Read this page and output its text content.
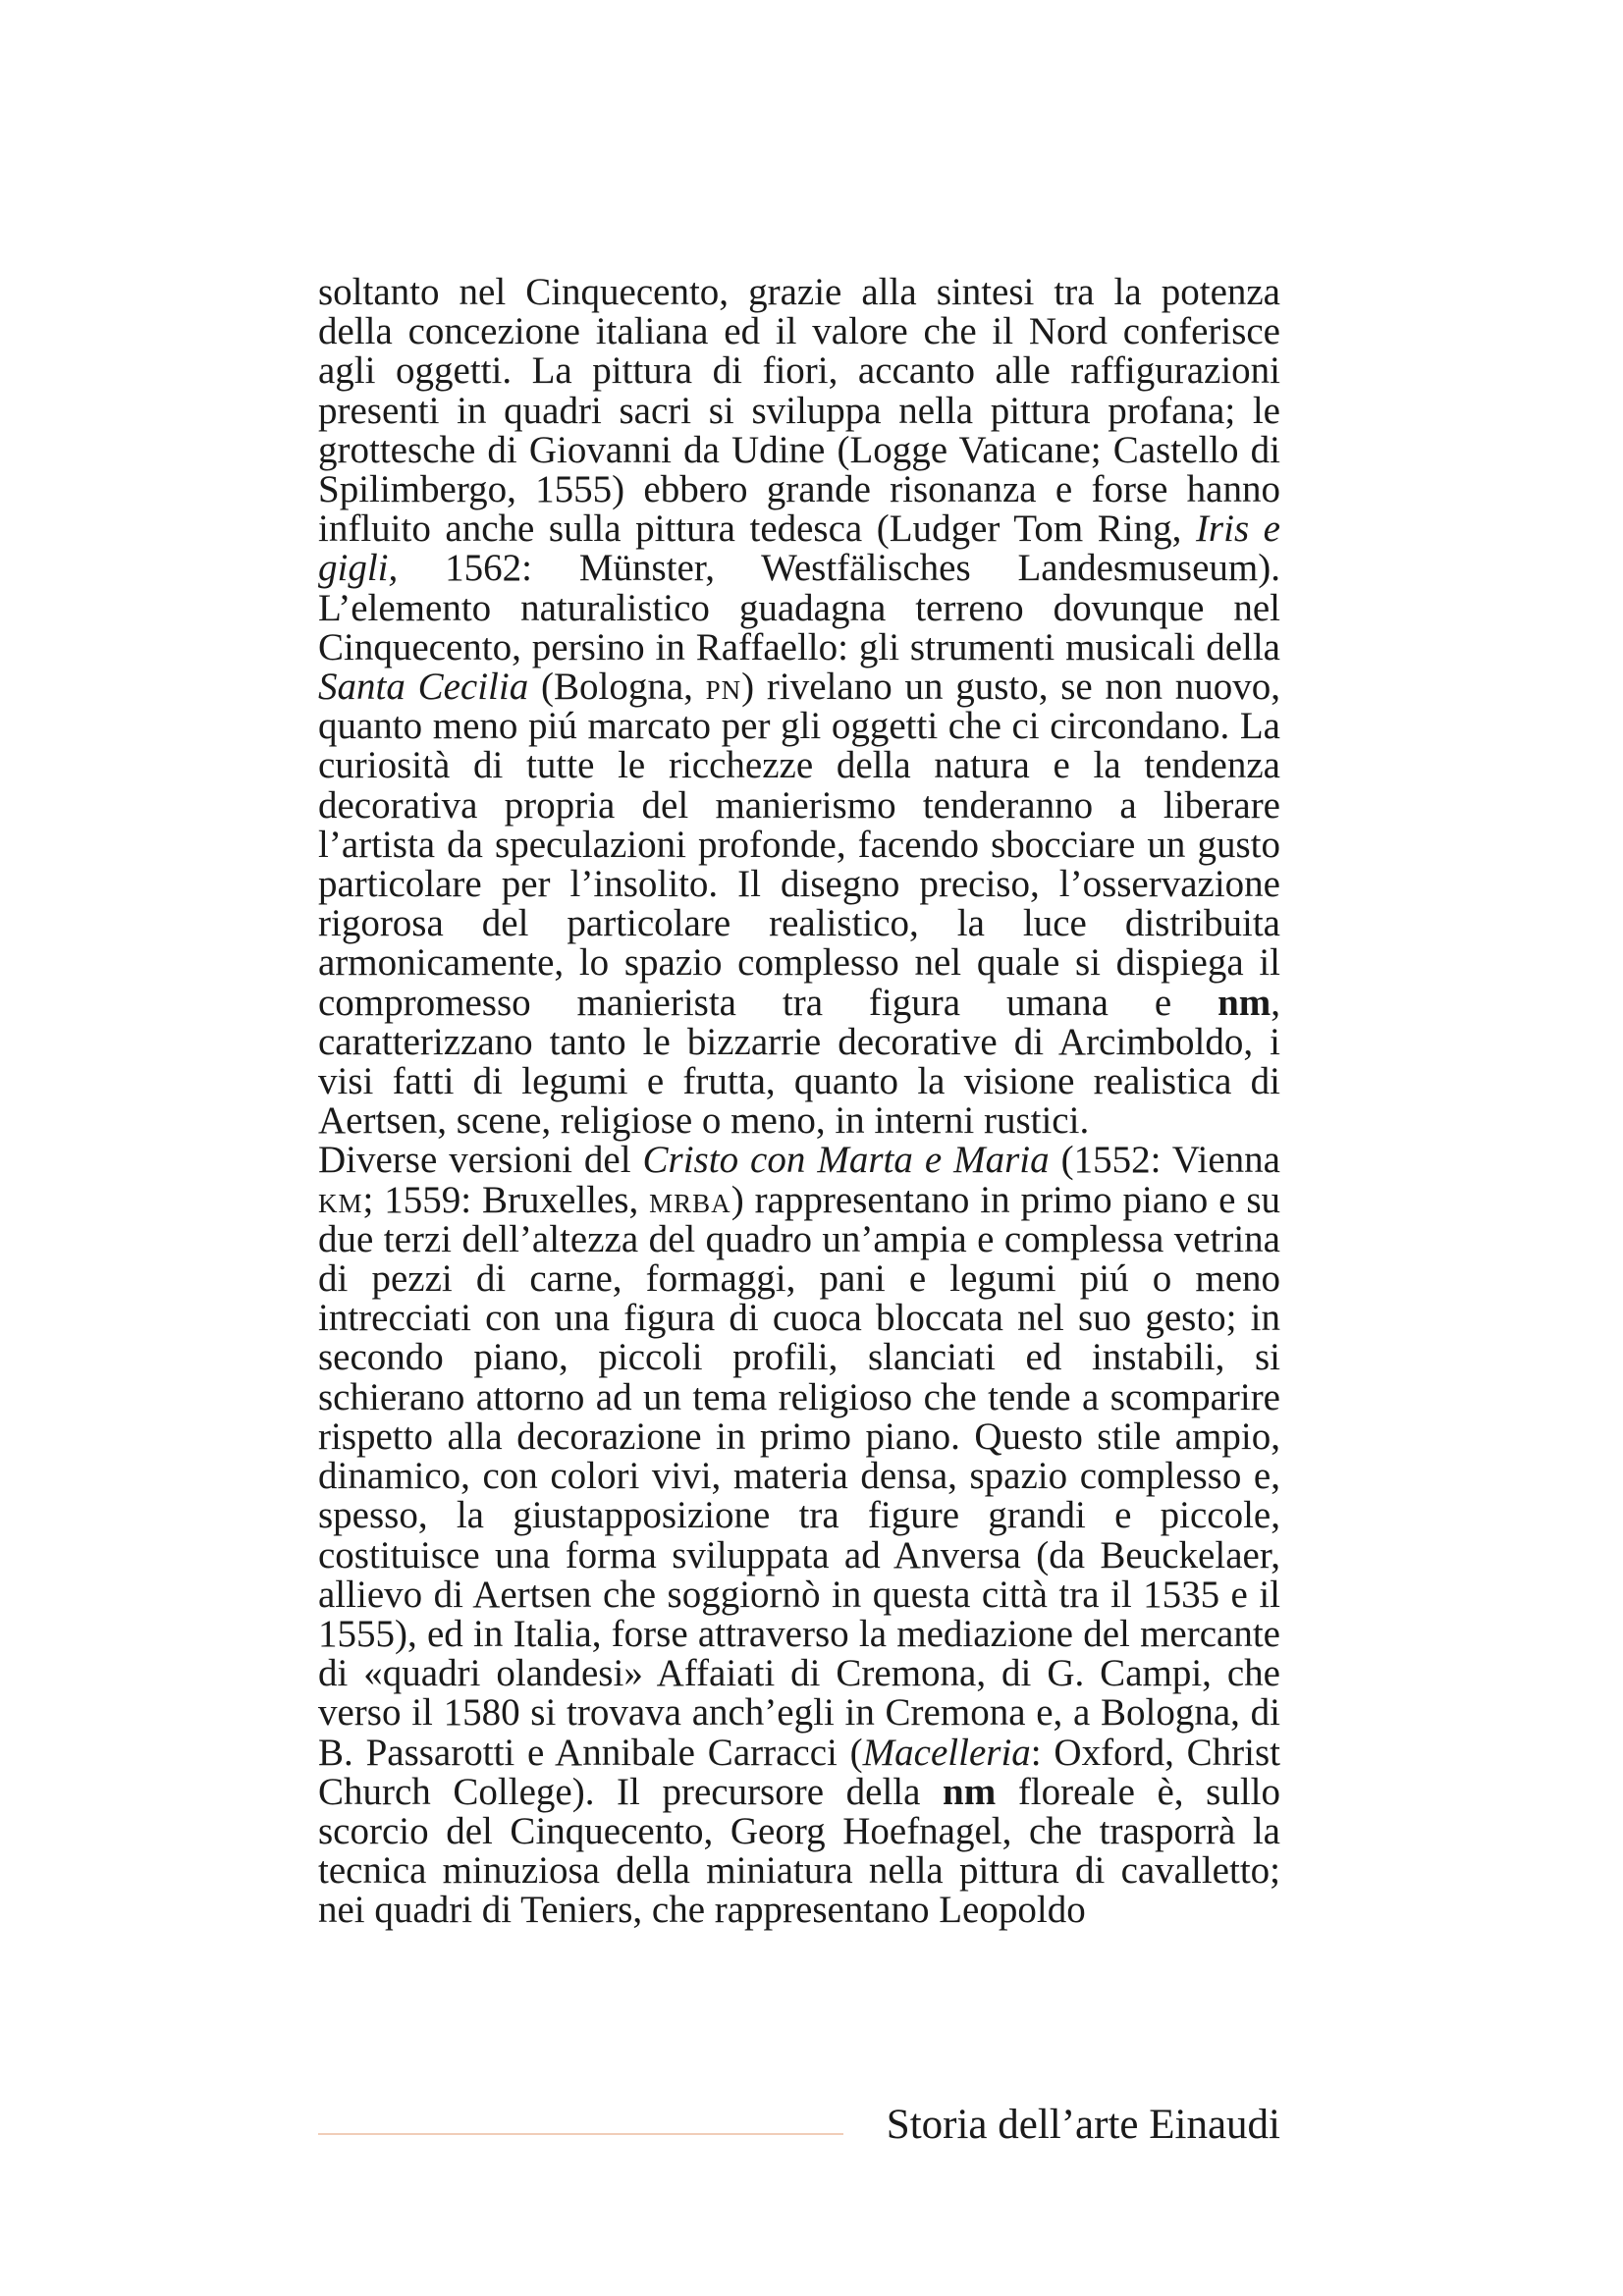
soltanto nel Cinquecento, grazie alla sintesi tra la potenza della concezione italiana ed il valore che il Nord conferisce agli oggetti. La pittura di fiori, accanto alle raffigurazioni presenti in quadri sacri si sviluppa nella pittura profana; le grottesche di Giovanni da Udine (Logge Vaticane; Castello di Spilimbergo, 1555) ebbero grande risonanza e forse hanno influito anche sulla pittura tedesca (Ludger Tom Ring, Iris e gigli, 1562: Münster, Westfälisches Landesmuseum). L’elemento naturalistico guadagna terreno dovunque nel Cinquecento, persino in Raffaello: gli strumenti musicali della Santa Cecilia (Bologna, pn) rivelano un gusto, se non nuovo, quanto meno piú marcato per gli oggetti che ci circondano. La curiosità di tutte le ricchezze della natura e la tendenza decorativa propria del manierismo tenderanno a liberare l’artista da speculazioni profonde, facendo sbocciare un gusto particolare per l’insolito. Il disegno preciso, l’osservazione rigorosa del particolare realistico, la luce distribuita armonicamente, lo spazio complesso nel quale si dispiega il compromesso manierista tra figura umana e nm, caratterizzano tanto le bizzarrie decorative di Arcimboldo, i visi fatti di legumi e frutta, quanto la visione realistica di Aertsen, scene, religiose o meno, in interni rustici.

Diverse versioni del Cristo con Marta e Maria (1552: Vienna km; 1559: Bruxelles, mrba) rappresentano in primo piano e su due terzi dell’altezza del quadro un’ampia e complessa vetrina di pezzi di carne, formaggi, pani e legumi piú o meno intrecciati con una figura di cuoca bloccata nel suo gesto; in secondo piano, piccoli profili, slanciati ed instabili, si schierano attorno ad un tema religioso che tende a scomparire rispetto alla decorazione in primo piano. Questo stile ampio, dinamico, con colori vivi, materia densa, spazio complesso e, spesso, la giustapposizione tra figure grandi e piccole, costituisce una forma sviluppata ad Anversa (da Beuckelaer, allievo di Aertsen che soggiornò in questa città tra il 1535 e il 1555), ed in Italia, forse attraverso la mediazione del mercante di «quadri olandesi» Affaiati di Cremona, di G. Campi, che verso il 1580 si trovava anch’egli in Cremona e, a Bologna, di B. Passarotti e Annibale Carracci (Macelleria: Oxford, Christ Church College). Il precursore della nm floreale è, sullo scorcio del Cinquecento, Georg Hoefnagel, che trasporrà la tecnica minuziosa della miniatura nella pittura di cavalletto; nei quadri di Teniers, che rappresentano Leopoldo

Storia dell’arte Einaudi
